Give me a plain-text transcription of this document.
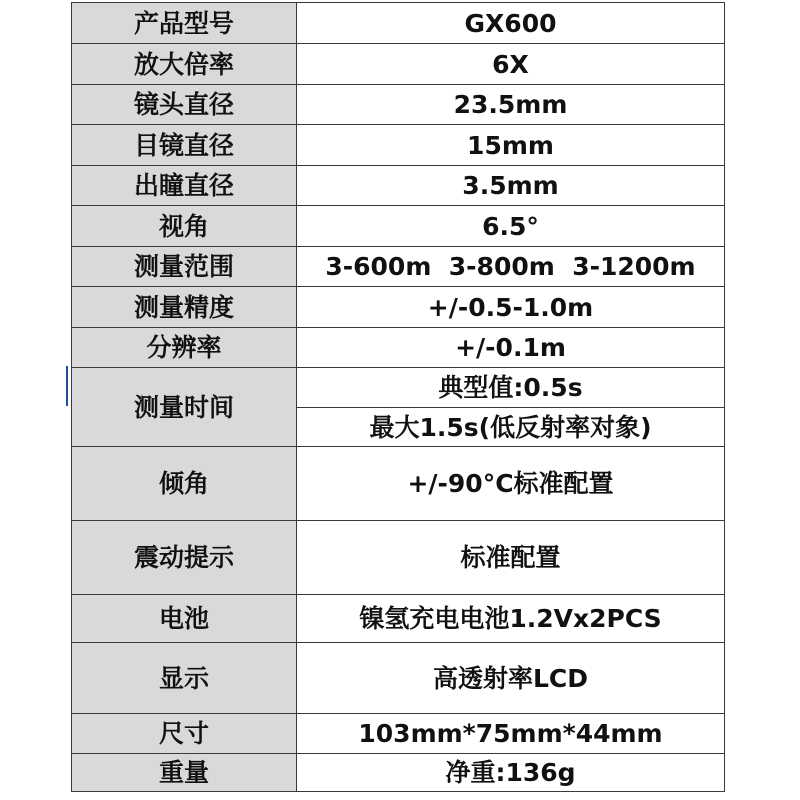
产品型号	GX600
放大倍率	6X
镜头直径	23.5mm
目镜直径	15mm
出瞳直径	3.5mm
视角	6.5°
测量范围	3-600m  3-800m  3-1200m
测量精度	+/-0.5-1.0m
分辨率	+/-0.1m
测量时间	典型值:0.5s
	最大1.5s(低反射率对象)
倾角	+/-90°C标准配置
震动提示	标准配置
电池	镍氢充电电池1.2Vx2PCS
显示	高透射率LCD
尺寸	103mm*75mm*44mm
重量	净重:136g
